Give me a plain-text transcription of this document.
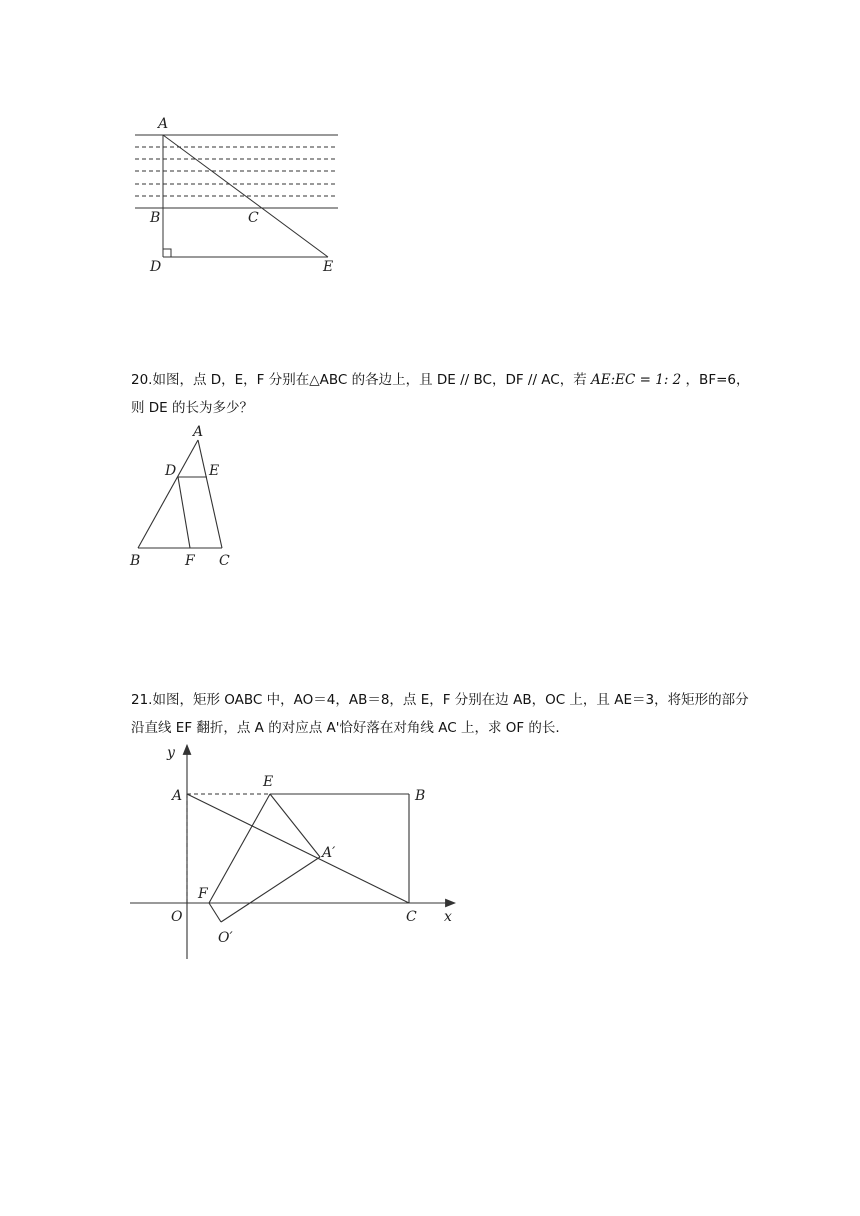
A
B	C
D	E
20.如图，点 D，E，F 分别在△ABC 的各边上，且 DE // BC，DF // AC，若 AE:EC = 1: 2 ，BF=6，则 DE 的长为多少？
A
D E
B	F C
21.如图，矩形 OABC 中，AO＝4，AB＝8，点 E，F 分别在边 AB，OC 上，且 AE＝3，将矩形的部分沿直线 EF 翻折，点 A 的对应点 A'恰好落在对角线 AC 上，求 OF 的长.
y
x
A
E
B
A′
F
O	C
O′
